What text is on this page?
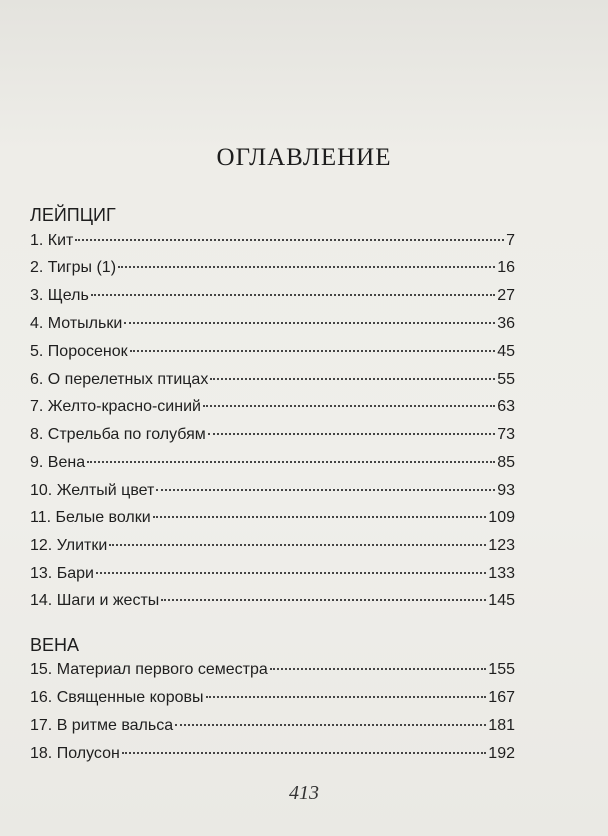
ОГЛАВЛЕНИЕ
ЛЕЙПЦИГ
1. Кит	7
2. Тигры (1)	16
3. Щель	27
4. Мотыльки	36
5. Поросенок	45
6. О перелетных птицах	55
7. Желто-красно-синий	63
8. Стрельба по голубям	73
9. Вена	85
10. Желтый цвет	93
11. Белые волки	109
12. Улитки	123
13. Бари	133
14. Шаги и жесты	145
ВЕНА
15. Материал первого семестра	155
16. Священные коровы	167
17. В ритме вальса	181
18. Полусон	192
413
